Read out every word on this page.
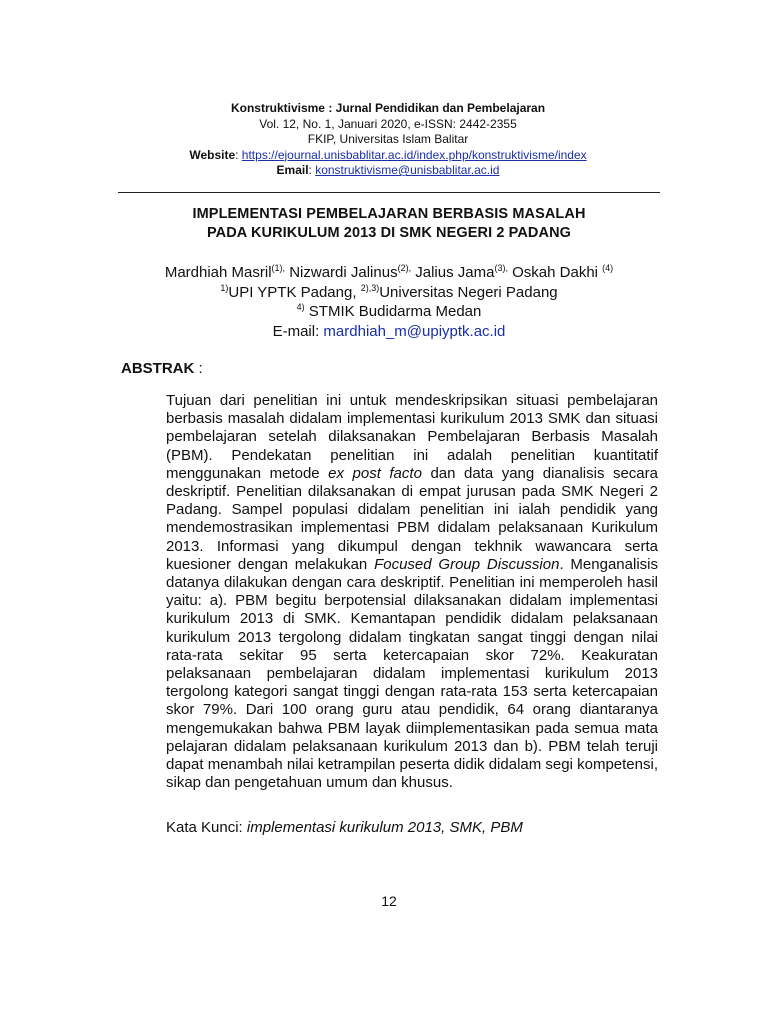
Konstruktivisme : Jurnal Pendidikan dan Pembelajaran
Vol. 12, No. 1, Januari 2020, e-ISSN: 2442-2355
FKIP, Universitas Islam Balitar
Website: https://ejournal.unisbablitar.ac.id/index.php/konstruktivisme/index
Email: konstruktivisme@unisbablitar.ac.id
IMPLEMENTASI PEMBELAJARAN BERBASIS MASALAH
PADA KURIKULUM 2013 DI SMK NEGERI 2 PADANG
Mardhiah Masril$^{(1),}$ Nizwardi Jalinus$^{(2),}$ Jalius Jama$^{(3),}$ Oskah Dakhi $^{(4)}$
$^{1)}$UPI YPTK Padang, $^{2),3)}$Universitas Negeri Padang
$^{4)}$ STMIK Budidarma Medan
E-mail: mardhiah_m@upiyptk.ac.id
ABSTRAK :
Tujuan dari penelitian ini untuk mendeskripsikan situasi pembelajaran berbasis masalah didalam implementasi kurikulum 2013 SMK dan situasi pembelajaran setelah dilaksanakan Pembelajaran Berbasis Masalah (PBM). Pendekatan penelitian ini adalah penelitian kuantitatif menggunakan metode ex post facto dan data yang dianalisis secara deskriptif. Penelitian dilaksanakan di empat jurusan pada SMK Negeri 2 Padang. Sampel populasi didalam penelitian ini ialah pendidik yang mendemostrasikan implementasi PBM didalam pelaksanaan Kurikulum 2013. Informasi yang dikumpul dengan tekhnik wawancara serta kuesioner dengan melakukan Focused Group Discussion. Menganalisis datanya dilakukan dengan cara deskriptif. Penelitian ini memperoleh hasil yaitu: a). PBM begitu berpotensial dilaksanakan didalam implementasi kurikulum 2013 di SMK. Kemantapan pendidik didalam pelaksanaan kurikulum 2013 tergolong didalam tingkatan sangat tinggi dengan nilai rata-rata sekitar 95 serta ketercapaian skor 72%. Keakuratan pelaksanaan pembelajaran didalam implementasi kurikulum 2013 tergolong kategori sangat tinggi dengan rata-rata 153 serta ketercapaian skor 79%. Dari 100 orang guru atau pendidik, 64 orang diantaranya mengemukakan bahwa PBM layak diimplementasikan pada semua mata pelajaran didalam pelaksanaan kurikulum 2013 dan b). PBM telah teruji dapat menambah nilai ketrampilan peserta didik didalam segi kompetensi, sikap dan pengetahuan umum dan khusus.
Kata Kunci: implementasi kurikulum 2013, SMK, PBM
12
